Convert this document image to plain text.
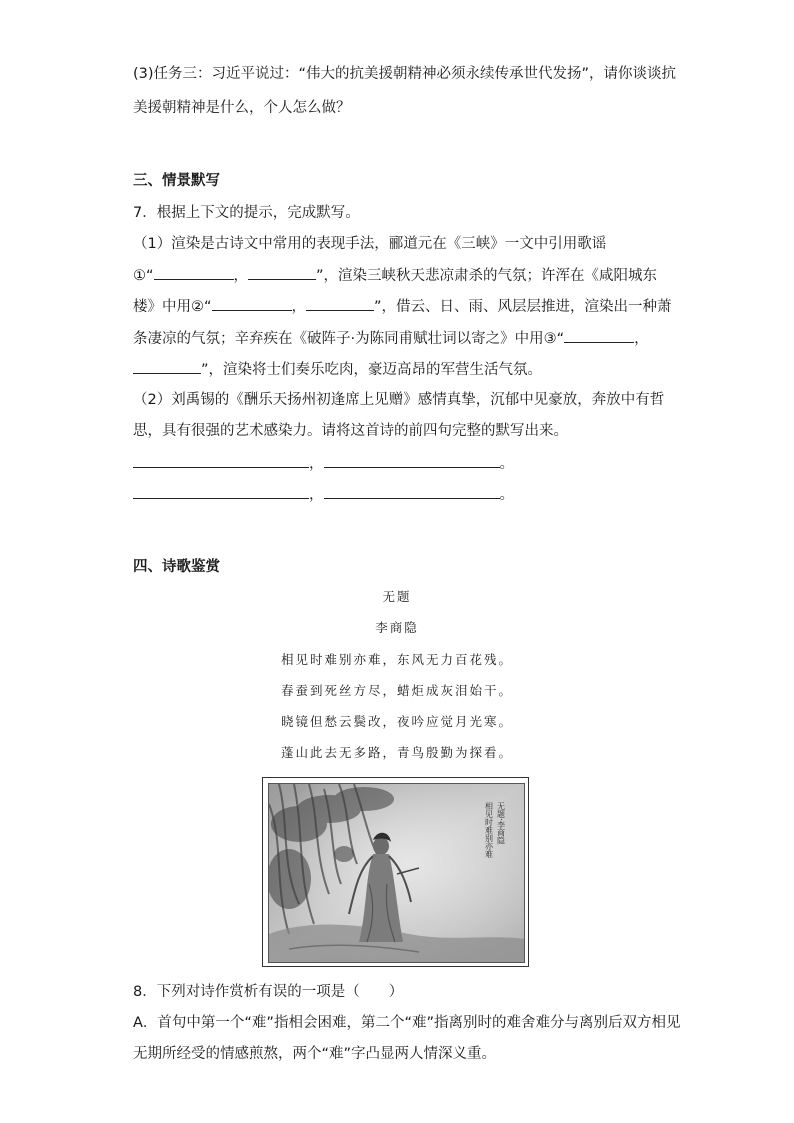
(3)任务三：习近平说过：“伟大的抗美援朝精神必须永续传承世代发扬”，请你谈谈抗
美援朝精神是什么，个人怎么做？
三、情景默写
7．根据上下文的提示，完成默写。
（1）渲染是古诗文中常用的表现手法，郦道元在《三峡》一文中引用歌谣
①“	，	”，渲染三峡秋天悲凉肃杀的气氛；许浑在《咸阳城东
楼》中用②“	，	”，借云、日、雨、风层层推进，渲染出一种萧
条凄凉的气氛；辛弃疾在《破阵子·为陈同甫赋壮词以寄之》中用③“	，
”，渲染将士们奏乐吃肉，豪迈高昂的军营生活气氛。
（2）刘禹锡的《酬乐天扬州初逢席上见赠》感情真挚，沉郁中见豪放，奔放中有哲
思，具有很强的艺术感染力。请将这首诗的前四句完整的默写出来。
，	。
，	。
四、诗歌鉴赏
无题
李商隐
相见时难别亦难，东风无力百花残。
春蚕到死丝方尽，蜡炬成灰泪始干。
晓镜但愁云鬓改，夜吟应觉月光寒。
蓬山此去无多路，青鸟殷勤为探看。
无题·李商隐
相见时难别亦难
8．下列对诗作赏析有误的一项是（　　）
A．首句中第一个“难”指相会困难，第二个“难”指离别时的难舍难分与离别后双方相见
无期所经受的情感煎熬，两个“难”字凸显两人情深义重。
